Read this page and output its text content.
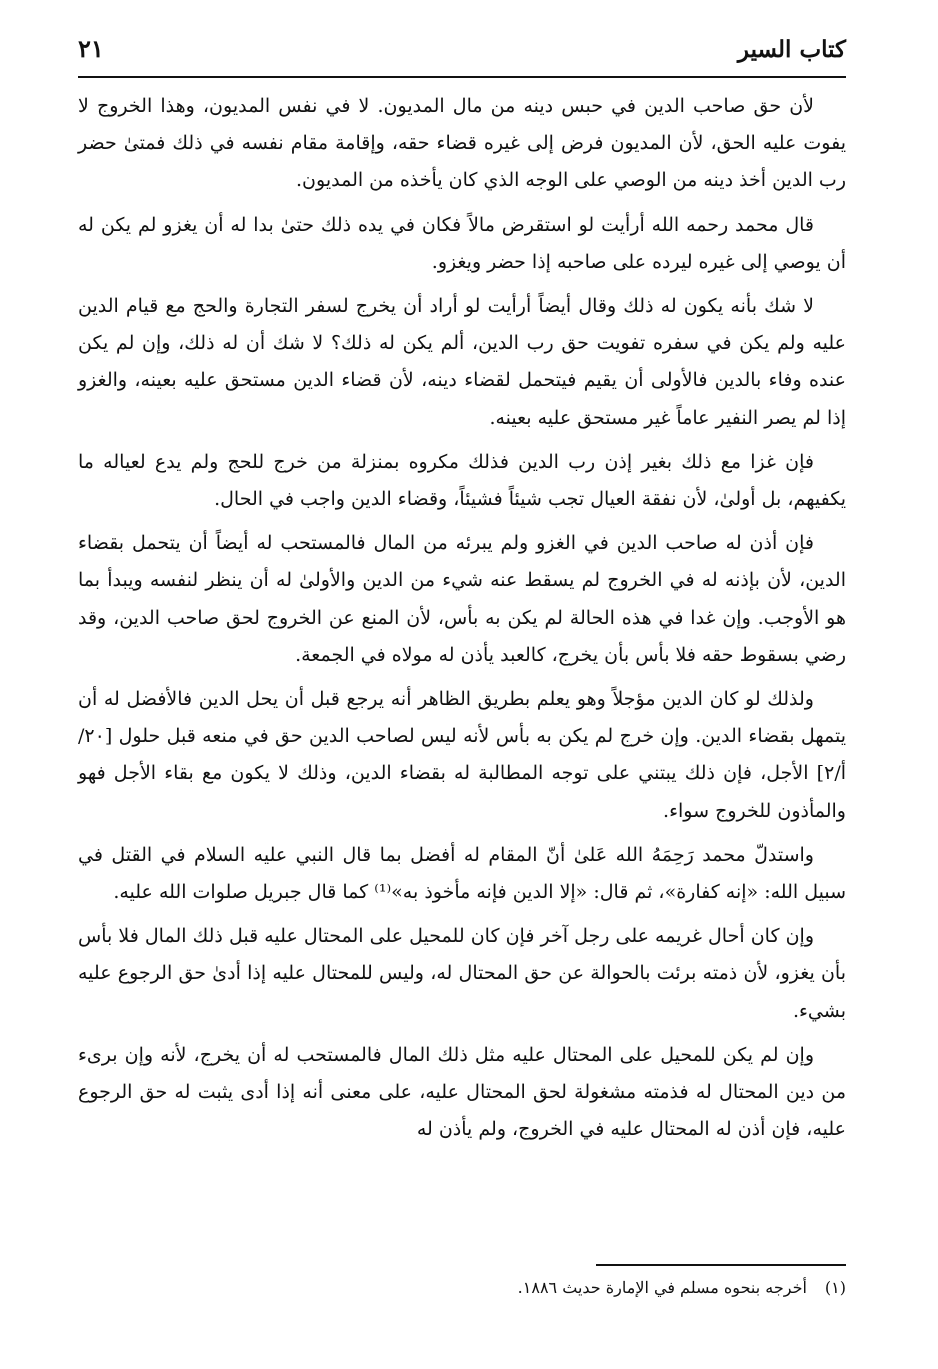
كتاب السير
٢١

لأن حق صاحب الدين في حبس دينه من مال المديون. لا في نفس المديون، وهذا الخروج لا يفوت عليه الحق، لأن المديون فرض إلى غيره قضاء حقه، وإقامة مقام نفسه في ذلك فمتىٰ حضر رب الدين أخذ دينه من الوصي على الوجه الذي كان يأخذه من المديون.

قال محمد رحمه الله أرأيت لو استقرض مالاً فكان في يده ذلك حتىٰ بدا له أن يغزو لم يكن له أن يوصي إلى غيره ليرده على صاحبه إذا حضر ويغزو.

لا شك بأنه يكون له ذلك وقال أيضاً أرأيت لو أراد أن يخرج لسفر التجارة والحج مع قيام الدين عليه ولم يكن في سفره تفويت حق رب الدين، ألم يكن له ذلك؟ لا شك أن له ذلك، وإن لم يكن عنده وفاء بالدين فالأولى أن يقيم فيتحمل لقضاء دينه، لأن قضاء الدين مستحق عليه بعينه، والغزو إذا لم يصر النفير عاماً غير مستحق عليه بعينه.

فإن غزا مع ذلك بغير إذن رب الدين فذلك مكروه بمنزلة من خرج للحج ولم يدع لعياله ما يكفيهم، بل أولىٰ، لأن نفقة العيال تجب شيئاً فشيئاً، وقضاء الدين واجب في الحال.

فإن أذن له صاحب الدين في الغزو ولم يبرئه من المال فالمستحب له أيضاً أن يتحمل بقضاء الدين، لأن بإذنه له في الخروج لم يسقط عنه شيء من الدين والأولىٰ له أن ينظر لنفسه ويبدأ بما هو الأوجب. وإن غدا في هذه الحالة لم يكن به بأس، لأن المنع عن الخروج لحق صاحب الدين، وقد رضي بسقوط حقه فلا بأس بأن يخرج، كالعبد يأذن له مولاه في الجمعة.

ولذلك لو كان الدين مؤجلاً وهو يعلم بطريق الظاهر أنه يرجع قبل أن يحل الدين فالأفضل له أن يتمهل بقضاء الدين. وإن خرج لم يكن به بأس لأنه ليس لصاحب الدين حق في منعه قبل حلول [٢٠/أ/٢] الأجل، فإن ذلك يبتني على توجه المطالبة له بقضاء الدين، وذلك لا يكون مع بقاء الأجل فهو والمأذون للخروج سواء.

واستدلّ محمد رَحِمَهُ الله عَلىٰ أنّ المقام له أفضل بما قال النبي عليه السلام في القتل في سبيل الله: «إنه كفارة»، ثم قال: «إلا الدين فإنه مأخوذ به»⁽¹⁾ كما قال جبريل صلوات الله عليه.

وإن كان أحال غريمه على رجل آخر فإن كان للمحيل على المحتال عليه قبل ذلك المال فلا بأس بأن يغزو، لأن ذمته برئت بالحوالة عن حق المحتال له، وليس للمحتال عليه إذا أدىٰ حق الرجوع عليه بشيء.

وإن لم يكن للمحيل على المحتال عليه مثل ذلك المال فالمستحب له أن يخرج، لأنه وإن برىء من دين المحتال له فذمته مشغولة لحق المحتال عليه، على معنى أنه إذا أدى يثبت له حق الرجوع عليه، فإن أذن له المحتال عليه في الخروج، ولم يأذن له

(١)أخرجه بنحوه مسلم في الإمارة حديث ١٨٨٦.
